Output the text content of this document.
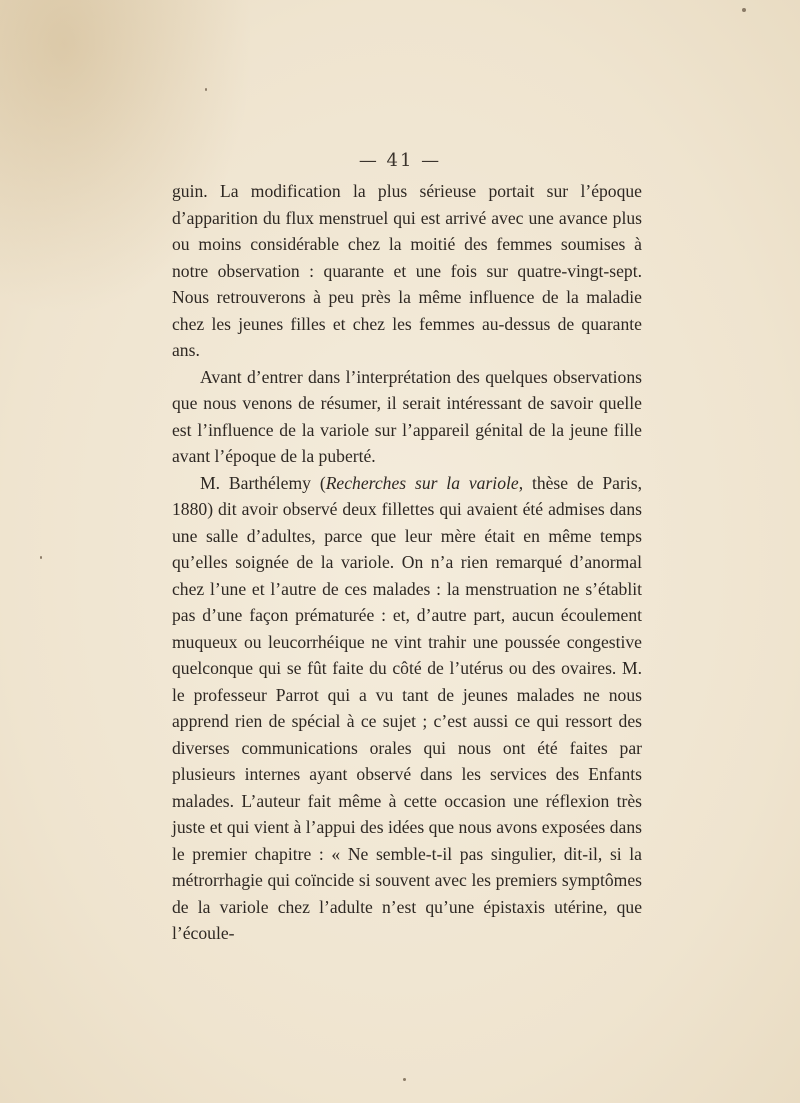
— 41 —

guin. La modification la plus sérieuse portait sur l’époque d’apparition du flux menstruel qui est arrivé avec une avance plus ou moins considérable chez la moitié des femmes soumises à notre observation : quarante et une fois sur quatre-vingt-sept. Nous retrouverons à peu près la même influence de la maladie chez les jeunes filles et chez les femmes au-dessus de quarante ans.

Avant d’entrer dans l’interprétation des quelques observations que nous venons de résumer, il serait intéressant de savoir quelle est l’influence de la variole sur l’appareil génital de la jeune fille avant l’époque de la puberté.

M. Barthélemy (Recherches sur la variole, thèse de Paris, 1880) dit avoir observé deux fillettes qui avaient été admises dans une salle d’adultes, parce que leur mère était en même temps qu’elles soignée de la variole. On n’a rien remarqué d’anormal chez l’une et l’autre de ces malades : la menstruation ne s’établit pas d’une façon prématurée : et, d’autre part, aucun écoulement muqueux ou leucorrhéique ne vint trahir une poussée congestive quelconque qui se fût faite du côté de l’utérus ou des ovaires. M. le professeur Parrot qui a vu tant de jeunes malades ne nous apprend rien de spécial à ce sujet ; c’est aussi ce qui ressort des diverses communications orales qui nous ont été faites par plusieurs internes ayant observé dans les services des Enfants malades. L’auteur fait même à cette occasion une réflexion très juste et qui vient à l’appui des idées que nous avons exposées dans le premier chapitre : « Ne semble-t-il pas singulier, dit-il, si la métrorrhagie qui coïncide si souvent avec les premiers symptômes de la variole chez l’adulte n’est qu’une épistaxis utérine, que l’écoule-
